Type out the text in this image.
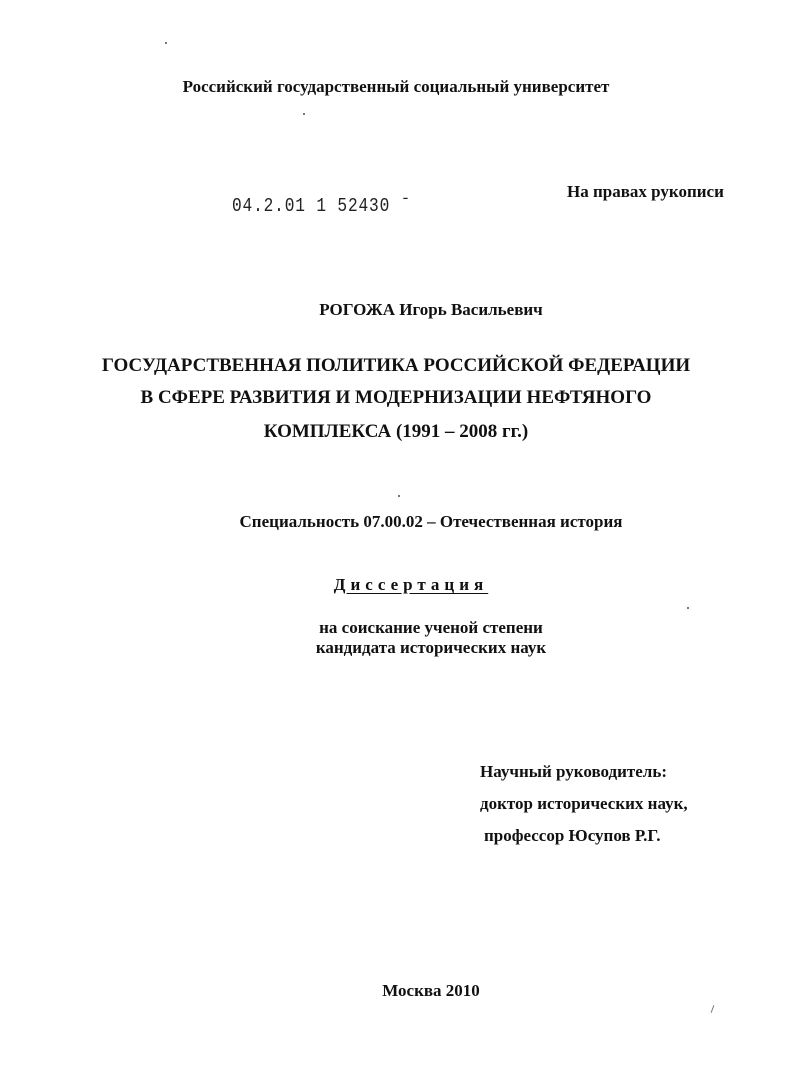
Российский государственный социальный университет
04.2.01 1 52430 ˉ
На правах рукописи
РОГОЖА Игорь Васильевич
ГОСУДАРСТВЕННАЯ ПОЛИТИКА РОССИЙСКОЙ ФЕДЕРАЦИИ
В СФЕРЕ РАЗВИТИЯ И МОДЕРНИЗАЦИИ НЕФТЯНОГО
КОМПЛЕКСА (1991 – 2008 гг.)
Специальность 07.00.02 – Отечественная история
Диссертация
на соискание ученой степени
кандидата исторических наук
Научный руководитель:
доктор исторических наук,
профессор Юсупов Р.Г.
Москва 2010
